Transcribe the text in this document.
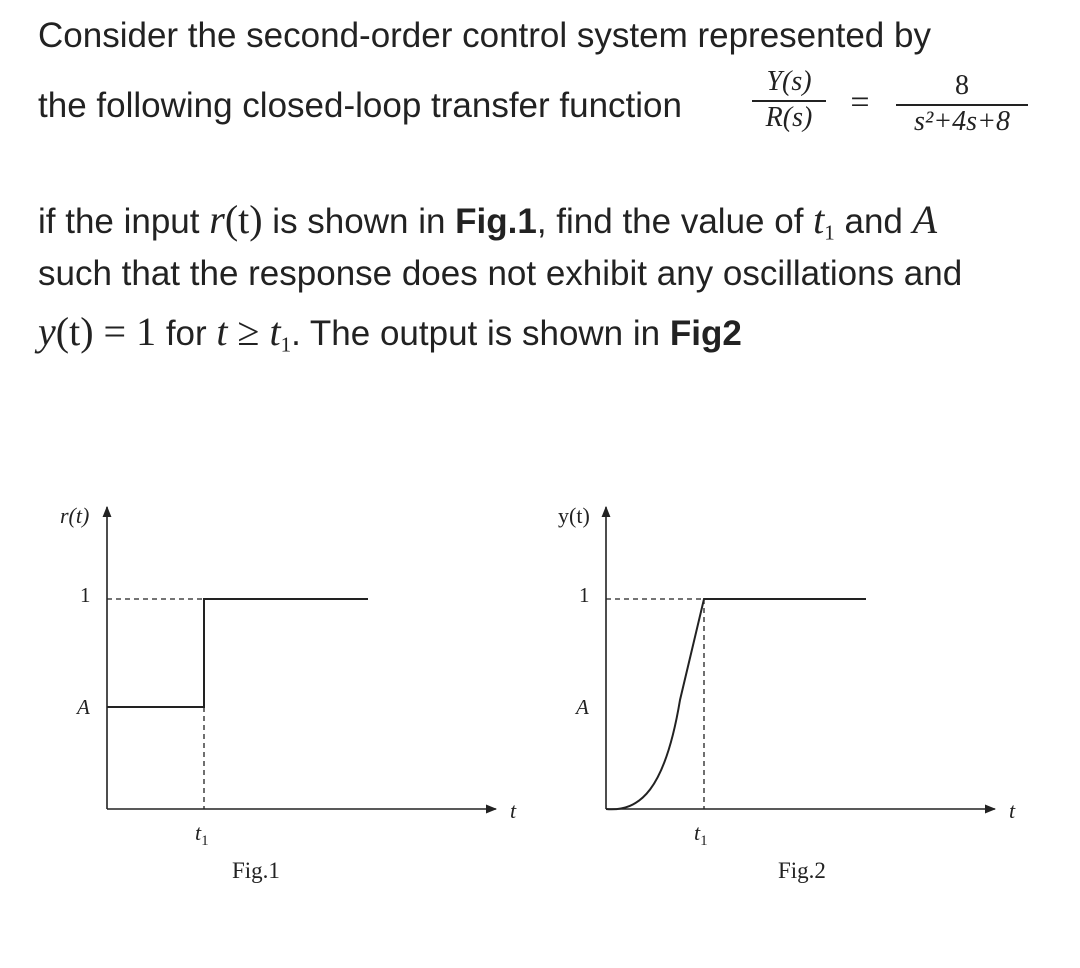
Consider the second-order control system represented by
the following closed-loop transfer function
Y(s)
R(s)	=	8
s²+4s+8
if the input r(t) is shown in Fig.1, find the value of $t_1$ and A
such that the response does not exhibit any oscillations and
y(t) = 1 for $t \ge t_1$. The output is shown in Fig2
r(t)
1
A
t
$t_1$
Fig.1
y(t)
1
A
t
$t_1$
Fig.2
